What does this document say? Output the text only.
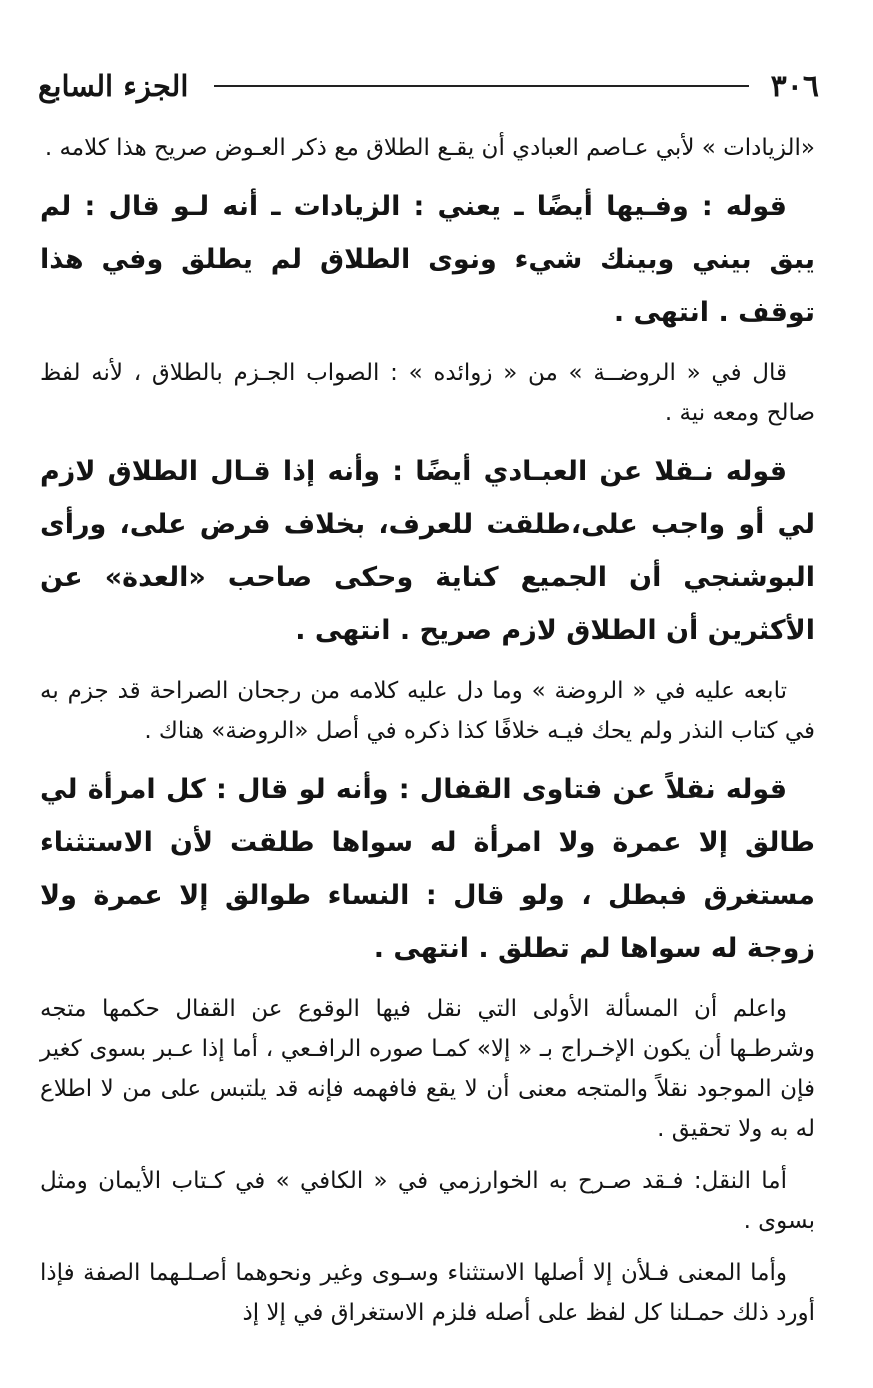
٣٠٦
الجزء السابع

«الزيادات » لأبي عـاصم العبادي أن يقـع الطلاق مع ذكر العـوض صريح هذا كلامه .

قوله : وفـيها أيضًا ـ يعني : الزيادات ـ أنه لـو قال : لم يبق بيني وبينك شيء ونوى الطلاق لم يطلق وفي هذا توقف . انتهى .

قال في « الروضــة » من « زوائده » : الصواب الجـزم بالطلاق ، لأنه لفظ صالح ومعه نية .

قوله نـقلا عن العبـادي أيضًا : وأنه إذا قـال الطلاق لازم لي أو واجب على،طلقت للعرف، بخلاف فرض على، ورأى البوشنجي أن الجميع كناية وحكى صاحب «العدة» عن الأكثرين أن الطلاق لازم صريح . انتهى .

تابعه عليه في « الروضة » وما دل عليه كلامه من رجحان الصراحة قد جزم به في كتاب النذر ولم يحك فيـه خلافًا كذا ذكره في أصل «الروضة» هناك .

قوله نقلاً عن فتاوى القفال : وأنه لو قال : كل امرأة لي طالق إلا عمرة ولا امرأة له سواها طلقت لأن الاستثناء مستغرق فبطل ، ولو قال : النساء طوالق إلا عمرة ولا زوجة له سواها لم تطلق . انتهى .

واعلم أن المسألة الأولى التي نقل فيها الوقوع عن القفال حكمها متجه وشرطـها أن يكون الإخـراج بـ « إلا» كمـا صوره الرافـعي ، أما إذا عـبر بسوى كغير فإن الموجود نقلاً والمتجه معنى أن لا يقع فافهمه فإنه قد يلتبس على من لا اطلاع له به ولا تحقيق .

أما النقل: فـقد صـرح به الخوارزمي في « الكافي » في كـتاب الأيمان ومثل بسوى .

وأما المعنى فـلأن إلا أصلها الاستثناء وسـوى وغير ونحوهما أصـلـهما الصفة فإذا أورد ذلك حمـلنا كل لفظ على أصله فلزم الاستغراق في إلا إذ
